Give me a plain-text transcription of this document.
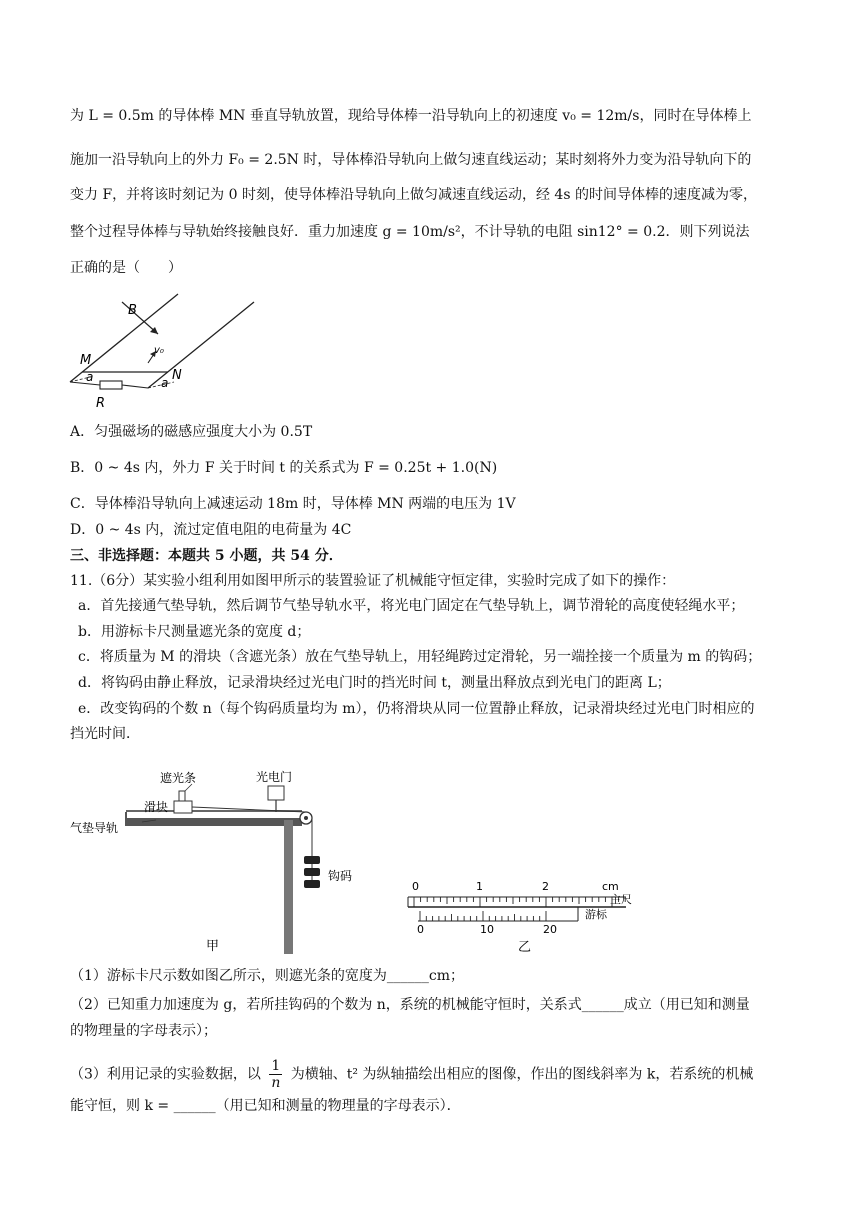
为 L = 0.5m 的导体棒 MN 垂直导轨放置，现给导体棒一沿导轨向上的初速度 v₀ = 12m/s，同时在导体棒上
施加一沿导轨向上的外力 F₀ = 2.5N 时，导体棒沿导轨向上做匀速直线运动；某时刻将外力变为沿导轨向下的
变力 F，并将该时刻记为 0 时刻，使导体棒沿导轨向上做匀减速直线运动，经 4s 的时间导体棒的速度减为零，
整个过程导体棒与导轨始终接触良好．重力加速度 g = 10m/s²，不计导轨的电阻 sin12° = 0.2．则下列说法
正确的是（　　）
B
v₀
M
N
a	a
R
A．匀强磁场的磁感应强度大小为 0.5T
B．0 ~ 4s 内，外力 F 关于时间 t 的关系式为 F = 0.25t + 1.0(N)
C．导体棒沿导轨向上减速运动 18m 时，导体棒 MN 两端的电压为 1V
D．0 ~ 4s 内，流过定值电阻的电荷量为 4C
三、非选择题：本题共 5 小题，共 54 分．
11.（6分）某实验小组利用如图甲所示的装置验证了机械能守恒定律，实验时完成了如下的操作：
a．首先接通气垫导轨，然后调节气垫导轨水平，将光电门固定在气垫导轨上，调节滑轮的高度使轻绳水平；
b．用游标卡尺测量遮光条的宽度 d；
c．将质量为 M 的滑块（含遮光条）放在气垫导轨上，用轻绳跨过定滑轮，另一端拴接一个质量为 m 的钩码；
d．将钩码由静止释放，记录滑块经过光电门时的挡光时间 t，测量出释放点到光电门的距离 L；
e．改变钩码的个数 n（每个钩码质量均为 m），仍将滑块从同一位置静止释放，记录滑块经过光电门时相应的
挡光时间．
遮光条	光电门
滑块
气垫导轨
钩码
甲
0	1	2	cm
主尺
游标
0	10	20
乙
（1）游标卡尺示数如图乙所示，则遮光条的宽度为______cm；
（2）已知重力加速度为 g，若所挂钩码的个数为 n，系统的机械能守恒时，关系式______成立（用已知和测量
的物理量的字母表示）；
（3）利用记录的实验数据，以 $\frac{1}{n}$ 为横轴、t² 为纵轴描绘出相应的图像，作出的图线斜率为 k，若系统的机械
能守恒，则 k = ______（用已知和测量的物理量的字母表示）．
